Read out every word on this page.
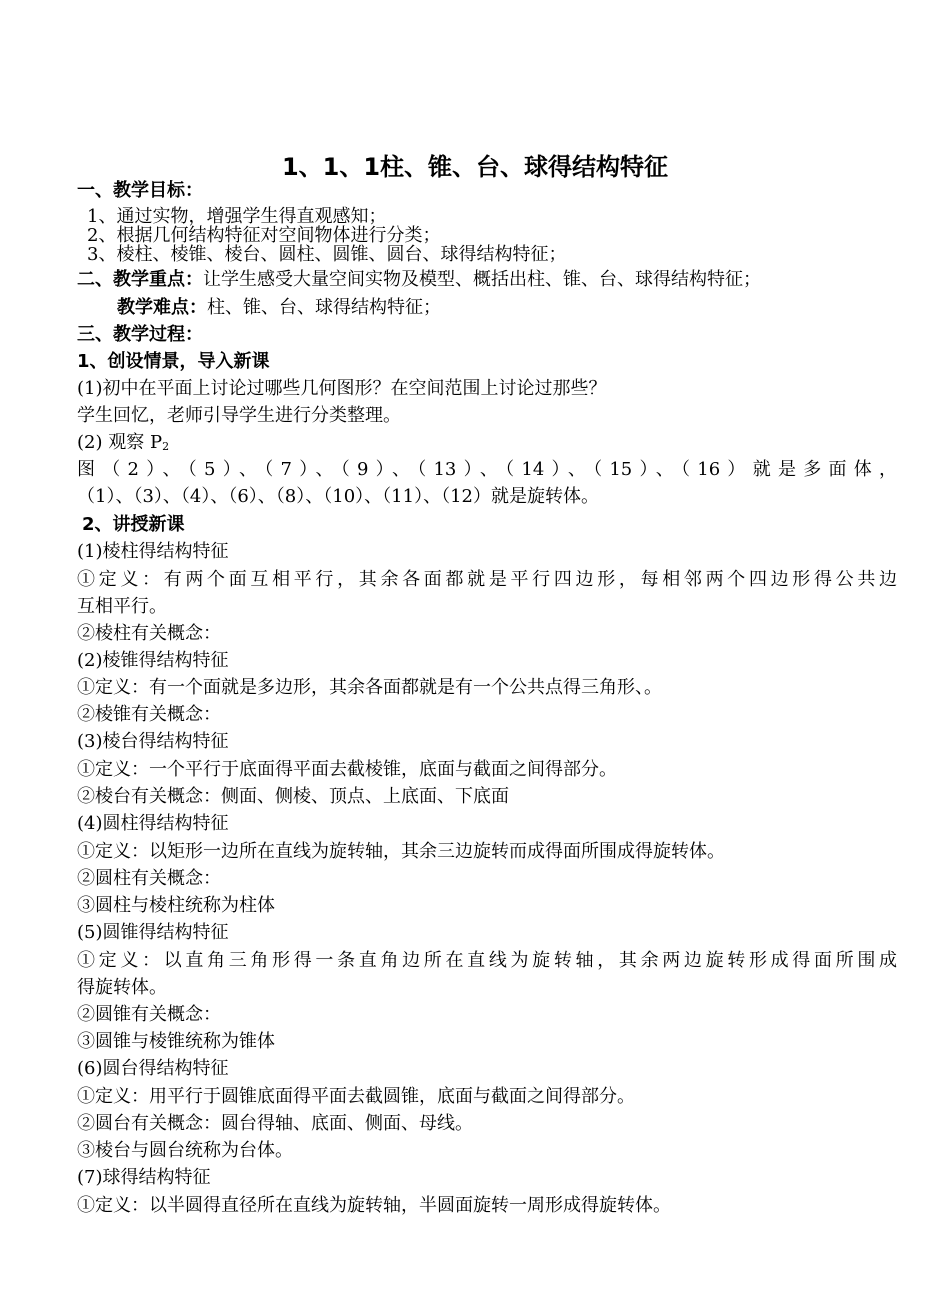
1、1、1柱、锥、台、球得结构特征
一、教学目标：
1、通过实物，增强学生得直观感知；
2、根据几何结构特征对空间物体进行分类；
3、棱柱、棱锥、棱台、圆柱、圆锥、圆台、球得结构特征；
二、教学重点：让学生感受大量空间实物及模型、概括出柱、锥、台、球得结构特征；
教学难点：柱、锥、台、球得结构特征；
三、教学过程：
1、创设情景，导入新课
(1)初中在平面上讨论过哪些几何图形？在空间范围上讨论过那些？
学生回忆，老师引导学生进行分类整理。
(2) 观察 $P_2$
图（2）、（5）、（7）、（9）、（13）、（14）、（15）、（16）就是多面体，
（1）、（3）、（4）、（6）、（8）、（10）、（11）、（12）就是旋转体。
2、讲授新课
(1)棱柱得结构特征
①定义：有两个面互相平行，其余各面都就是平行四边形，每相邻两个四边形得公共边
互相平行。
②棱柱有关概念：
(2)棱锥得结构特征
①定义：有一个面就是多边形，其余各面都就是有一个公共点得三角形、。
②棱锥有关概念：
(3)棱台得结构特征
①定义：一个平行于底面得平面去截棱锥，底面与截面之间得部分。
②棱台有关概念：侧面、侧棱、顶点、上底面、下底面
(4)圆柱得结构特征
①定义：以矩形一边所在直线为旋转轴，其余三边旋转而成得面所围成得旋转体。
②圆柱有关概念：
③圆柱与棱柱统称为柱体
(5)圆锥得结构特征
①定义：以直角三角形得一条直角边所在直线为旋转轴，其余两边旋转形成得面所围成
得旋转体。
②圆锥有关概念：
③圆锥与棱锥统称为锥体
(6)圆台得结构特征
①定义：用平行于圆锥底面得平面去截圆锥，底面与截面之间得部分。
②圆台有关概念：圆台得轴、底面、侧面、母线。
③棱台与圆台统称为台体。
(7)球得结构特征
①定义：以半圆得直径所在直线为旋转轴，半圆面旋转一周形成得旋转体。
